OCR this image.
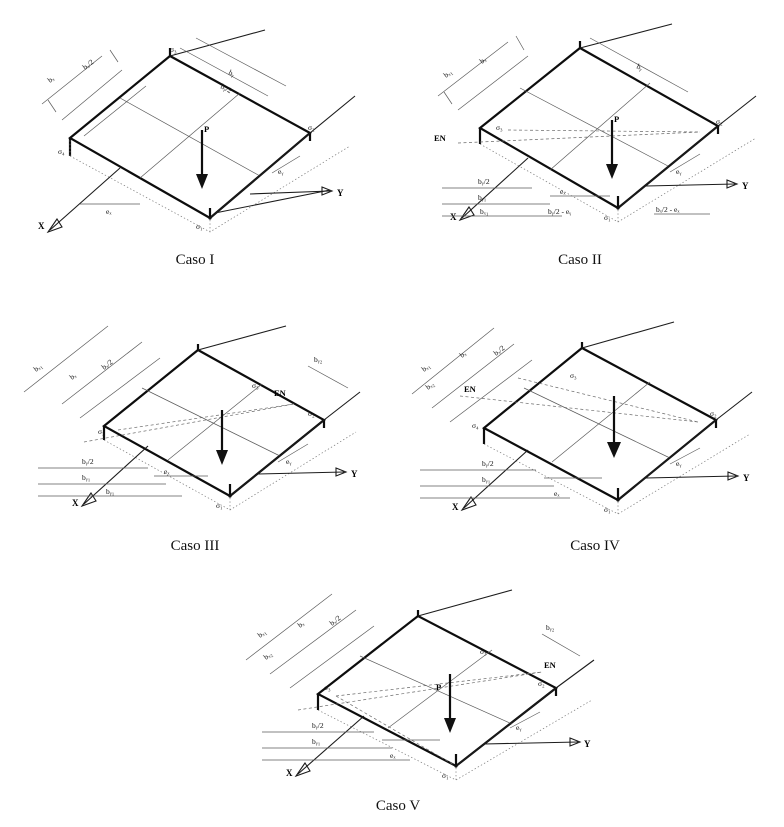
Y
X
P
bₓ
bₓ/2
bᵧ
bᵧ/2
eᵧ
eₓ
σ₁
σ₂
σ₃
σ₄
Caso I
EN
Y
X
P
bₓ₁
bₓ
bᵧ
bᵧ/2
bᵧ₁
bₓ₁
eₓ
bᵧ/2 - eᵧ
eᵧ
bₓ/2 - eₓ
σ₁
σ₂
σ₃
Caso II
EN
Y
X
bₓ₁
bₓ
bₓ/2	bᵧ₂
bᵧ/2
bᵧ₁
bᵧ₁
eₓ
eᵧ
σ₁
σ₂
σ₃
σ₃
Caso III
EN
Y
X
bₓ₁
bₓ	bₓ/2
bₓ₂
bᵧ/2
bᵧ₁
eₓ
eᵧ
σ₁
σ₂
σ₃
σ₄
Caso IV
EN
Y
X
P
bₓ₁
bₓ	bₓ/2
bₓ₂
bᵧ₂
bᵧ/2
bᵧ₁
eₓ
eᵧ
σ₁
σ₂
σ₃
σ₃
Caso V
